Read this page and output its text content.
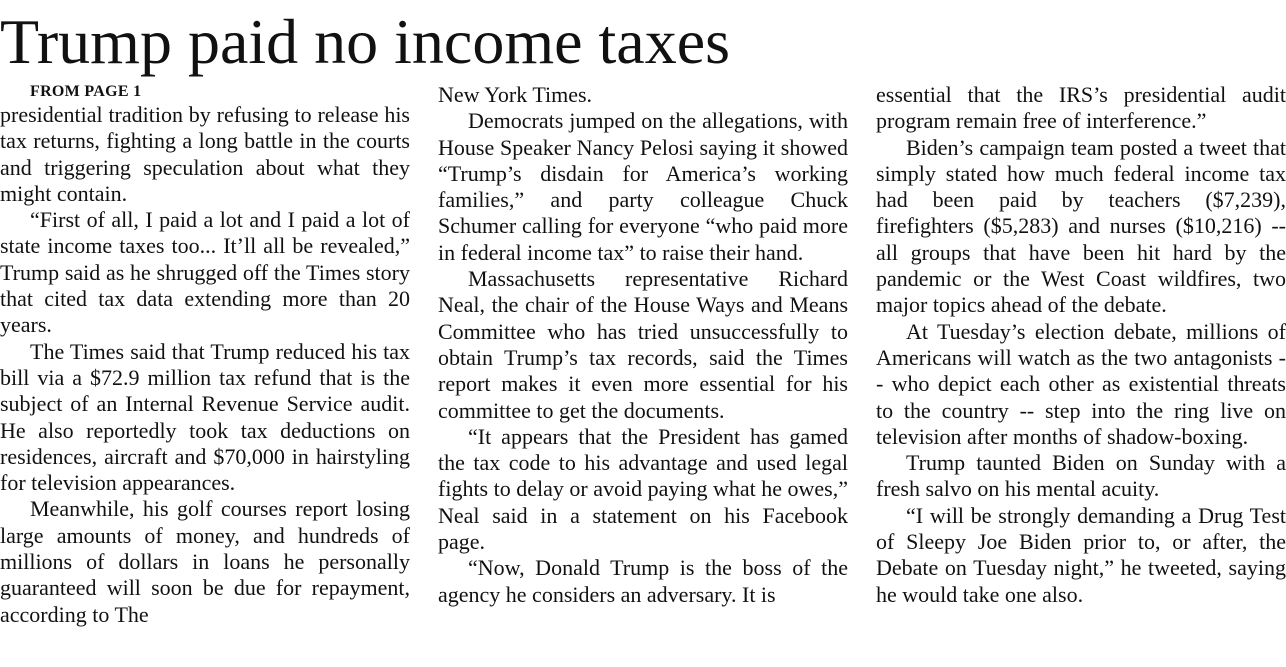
Trump paid no income taxes

FROM PAGE 1

presidential tradition by refusing to release his tax returns, fighting a long battle in the courts and triggering speculation about what they might contain.

“First of all, I paid a lot and I paid a lot of state income taxes too... It’ll all be revealed,” Trump said as he shrugged off the Times story that cited tax data extending more than 20 years.

The Times said that Trump reduced his tax bill via a $72.9 million tax refund that is the subject of an Internal Revenue Service audit. He also reportedly took tax deductions on residences, aircraft and $70,000 in hairstyling for television appearances.

Meanwhile, his golf courses report losing large amounts of money, and hundreds of millions of dollars in loans he personally guaranteed will soon be due for repayment, according to The

New York Times.

Democrats jumped on the allegations, with House Speaker Nancy Pelosi saying it showed “Trump’s disdain for America’s working families,” and party colleague Chuck Schumer calling for everyone “who paid more in federal income tax” to raise their hand.

Massachusetts representative Richard Neal, the chair of the House Ways and Means Committee who has tried unsuccessfully to obtain Trump’s tax records, said the Times report makes it even more essential for his committee to get the documents.

“It appears that the President has gamed the tax code to his advantage and used legal fights to delay or avoid paying what he owes,” Neal said in a statement on his Facebook page.

“Now, Donald Trump is the boss of the agency he considers an adversary. It is

essential that the IRS’s presidential audit program remain free of interference.”

Biden’s campaign team posted a tweet that simply stated how much federal income tax had been paid by teachers ($7,239), firefighters ($5,283) and nurses ($10,216) -- all groups that have been hit hard by the pandemic or the West Coast wildfires, two major topics ahead of the debate.

At Tuesday’s election debate, millions of Americans will watch as the two antagonists -- who depict each other as existential threats to the country -- step into the ring live on television after months of shadow-boxing.

Trump taunted Biden on Sunday with a fresh salvo on his mental acuity.

“I will be strongly demanding a Drug Test of Sleepy Joe Biden prior to, or after, the Debate on Tuesday night,” he tweeted, saying he would take one also.
